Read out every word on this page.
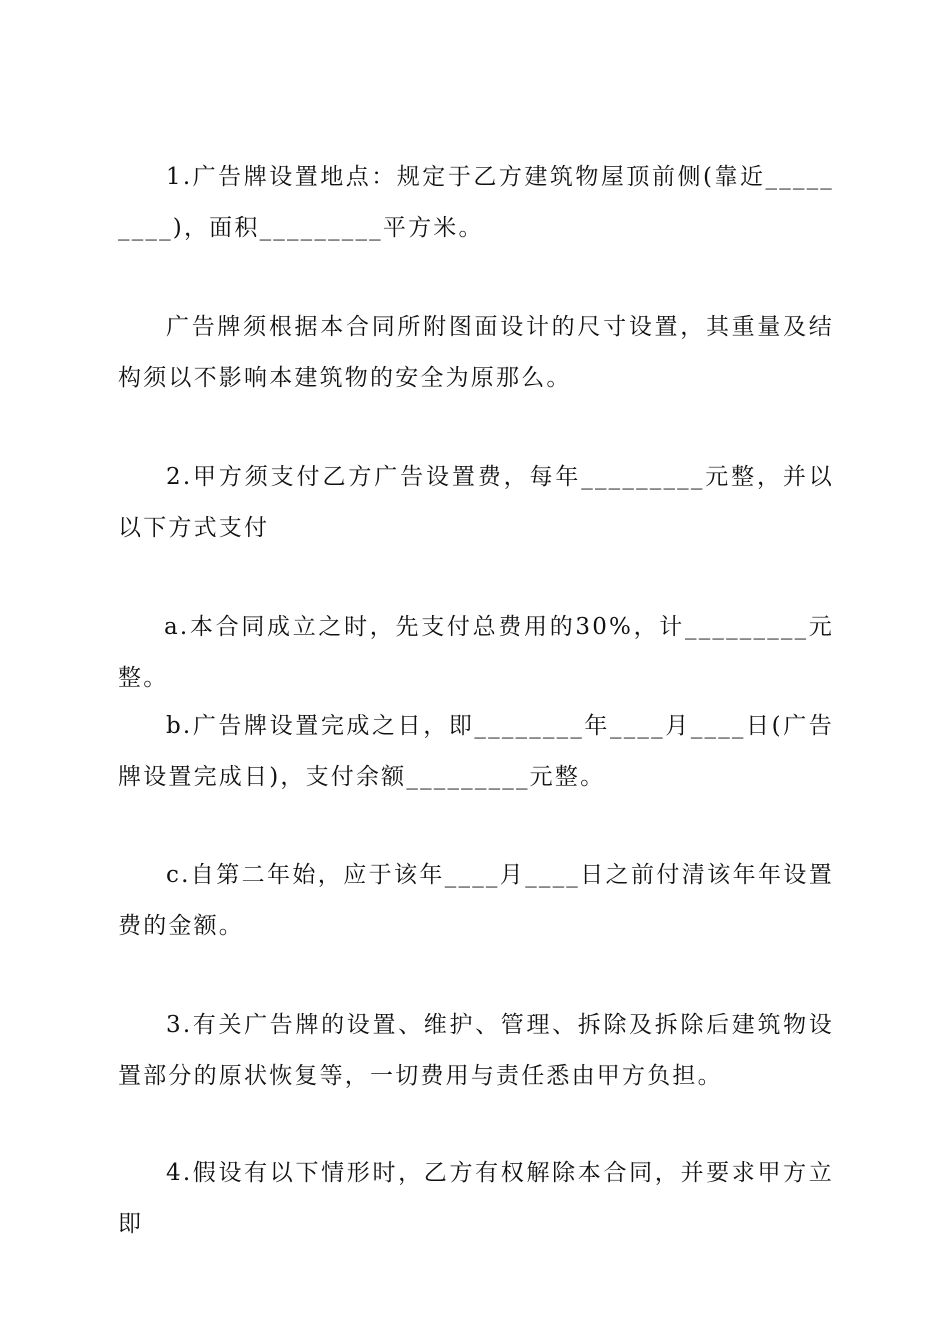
1.广告牌设置地点：规定于乙方建筑物屋顶前侧(靠近_________)，面积_________平方米。

广告牌须根据本合同所附图面设计的尺寸设置，其重量及结构须以不影响本建筑物的安全为原那么。

2.甲方须支付乙方广告设置费，每年_________元整，并以以下方式支付

a.本合同成立之时，先支付总费用的30%，计_________元整。

b.广告牌设置完成之日，即________年____月____日(广告牌设置完成日)，支付余额_________元整。

c.自第二年始，应于该年____月____日之前付清该年年设置费的金额。

3.有关广告牌的设置、维护、管理、拆除及拆除后建筑物设置部分的原状恢复等，一切费用与责任悉由甲方负担。

4.假设有以下情形时，乙方有权解除本合同，并要求甲方立即
